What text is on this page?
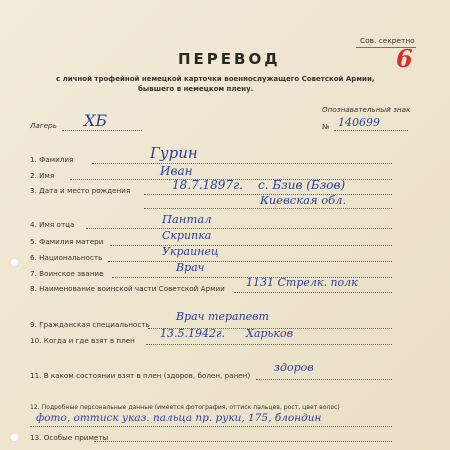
Сов. секретно
6
ПЕРЕВОД
с личной трофейной немецкой карточки военнослужащего Советской Армии,
бывшего в немецком плену.
Лагерь ХБ
Опознавательный знак
№ 140699
1. Фамилия	Гурин
2. Имя	Иван
3. Дата и место рождения	18.7.1897г. с. Бзив (Бзов)
Киевская обл.
4. Имя отца	Пантал
5. Фамилия матери	Скрипка
6. Национальность	Украинец
7. Воинское звание	Врач
8. Наименование воинской части Советской Армии 1131 Стрелк. полк
9. Гражданская специальность
Врач терапевт
10. Когда и где взят в плен
13.5.1942г. Харьков
11. В каком состоянии взят в плен (здоров, болен, ранен)
здоров
12. Подробные персональные данные (имеется фотография, оттиск пальцев, рост, цвет волос)
фото, оттиск указ. пальца пр. руки, 175, блондин
13. Особые приметы
